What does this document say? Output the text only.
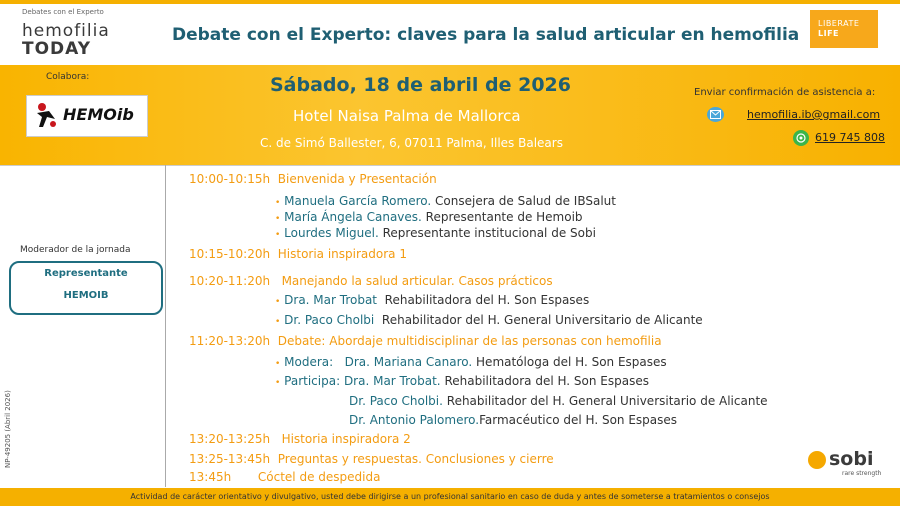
Debates con el Experto
hemofilia
TODAY
Debate con el Experto: claves para la salud articular en hemofilia
LIBERATE
LIFE
Colabora:
HEMOib
Sábado, 18 de abril de 2026
Hotel Naisa Palma de Mallorca
C. de Simó Ballester, 6, 07011 Palma, Illes Balears
Enviar confirmación de asistencia a:
hemofilia.ib@gmail.com
619 745 808
Moderador de la jornada
Representante
HEMOIB
NP-49205 (Abril 2026)
10:00-10:15h Bienvenida y Presentación
• Manuela García Romero. Consejera de Salud de IBSalut
• María Ángela Canaves. Representante de Hemoib
• Lourdes Miguel. Representante institucional de Sobi
10:15-10:20h Historia inspiradora 1
10:20-11:20h Manejando la salud articular. Casos prácticos
• Dra. Mar Trobat Rehabilitadora del H. Son Espases
• Dr. Paco Cholbi Rehabilitador del H. General Universitario de Alicante
11:20-13:20h Debate: Abordaje multidisciplinar de las personas con hemofilia
• Modera: Dra. Mariana Canaro. Hematóloga del H. Son Espases
• Participa: Dra. Mar Trobat. Rehabilitadora del H. Son Espases
Dr. Paco Cholbi. Rehabilitador del H. General Universitario de Alicante
Dr. Antonio Palomero.Farmacéutico del H. Son Espases
13:20-13:25h Historia inspiradora 2
13:25-13:45h Preguntas y respuestas. Conclusiones y cierre
13:45h Cóctel de despedida
sobi
rare strength
Actividad de carácter orientativo y divulgativo, usted debe dirigirse a un profesional sanitario en caso de duda y antes de someterse a tratamientos o consejos
